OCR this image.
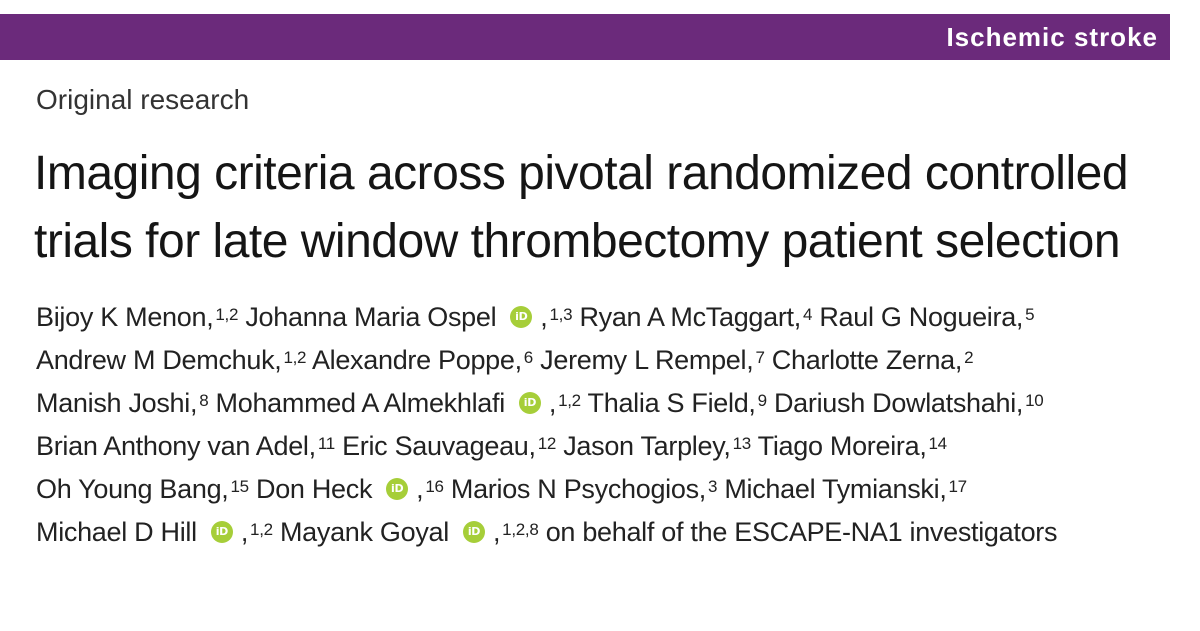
Ischemic stroke
Original research
Imaging criteria across pivotal randomized controlled
trials for late window thrombectomy patient selection

Bijoy K Menon, $^{1,2}$ Johanna Maria Ospel iD , $^{1,3}$ Ryan A McTaggart, $^4$ Raul G Nogueira, $^5$
Andrew M Demchuk, $^{1,2}$ Alexandre Poppe, $^6$ Jeremy L Rempel, $^7$ Charlotte Zerna, $^2$
Manish Joshi, $^8$ Mohammed A Almekhlafi iD , $^{1,2}$ Thalia S Field, $^9$ Dariush Dowlatshahi, $^{10}$
Brian Anthony van Adel, $^{11}$ Eric Sauvageau, $^{12}$ Jason Tarpley, $^{13}$ Tiago Moreira, $^{14}$
Oh Young Bang, $^{15}$ Don Heck iD , $^{16}$ Marios N Psychogios, $^3$ Michael Tymianski, $^{17}$
Michael D Hill iD , $^{1,2}$ Mayank Goyal iD , $^{1,2,8}$ on behalf of the ESCAPE-NA1 investigators
